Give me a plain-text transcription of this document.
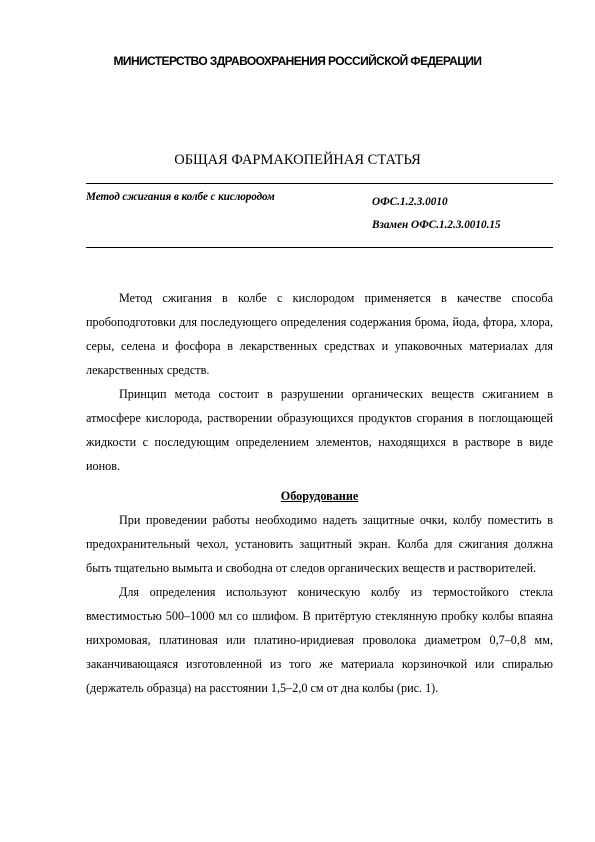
МИНИСТЕРСТВО ЗДРАВООХРАНЕНИЯ РОССИЙСКОЙ ФЕДЕРАЦИИ
ОБЩАЯ ФАРМАКОПЕЙНАЯ СТАТЬЯ
Метод сжигания в колбе с кислородом	ОФС.1.2.3.0010
Взамен ОФС.1.2.3.0010.15

Метод сжигания в колбе с кислородом применяется в качестве способа пробоподготовки для последующего определения содержания брома, йода, фтора, хлора, серы, селена и фосфора в лекарственных средствах и упаковочных материалах для лекарственных средств.

Принцип метода состоит в разрушении органических веществ сжиганием в атмосфере кислорода, растворении образующихся продуктов сгорания в поглощающей жидкости с последующим определением элементов, находящихся в растворе в виде ионов.

Оборудование

При проведении работы необходимо надеть защитные очки, колбу поместить в предохранительный чехол, установить защитный экран. Колба для сжигания должна быть тщательно вымыта и свободна от следов органических веществ и растворителей.

Для определения используют коническую колбу из термостойкого стекла вместимостью 500–1000 мл со шлифом. В притёртую стеклянную пробку колбы впаяна нихромовая, платиновая или платино-иридиевая проволока диаметром 0,7–0,8 мм, заканчивающаяся изготовленной из того же материала корзиночкой или спиралью (держатель образца) на расстоянии 1,5–2,0 см от дна колбы (рис. 1).
